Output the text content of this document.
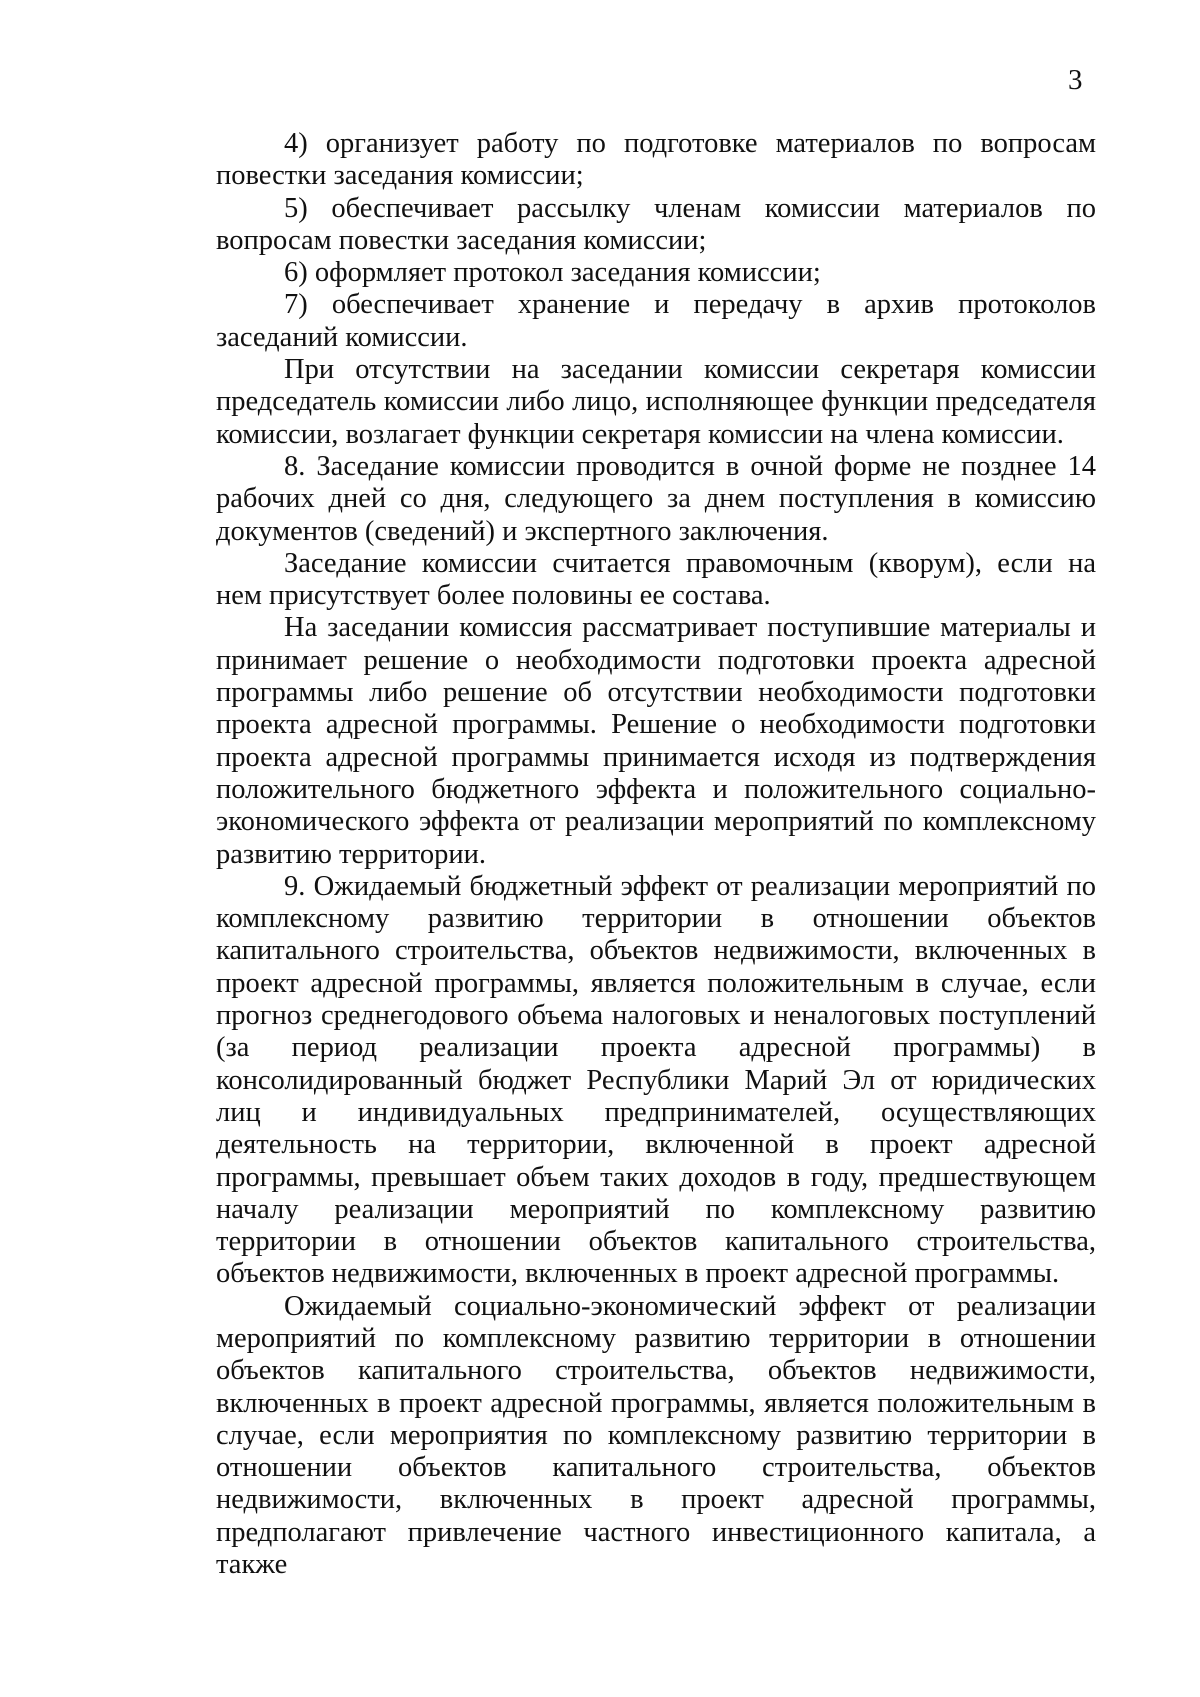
3

4) организует работу по подготовке материалов по вопросам повестки заседания комиссии;

5) обеспечивает рассылку членам комиссии материалов по вопросам повестки заседания комиссии;

6) оформляет протокол заседания комиссии;

7) обеспечивает хранение и передачу в архив протоколов заседаний комиссии.

При отсутствии на заседании комиссии секретаря комиссии председатель комиссии либо лицо, исполняющее функции председателя комиссии, возлагает функции секретаря комиссии на члена комиссии.

8. Заседание комиссии проводится в очной форме не позднее 14 рабочих дней со дня, следующего за днем поступления в комиссию документов (сведений) и экспертного заключения.

Заседание комиссии считается правомочным (кворум), если на нем присутствует более половины ее состава.

На заседании комиссия рассматривает поступившие материалы и принимает решение о необходимости подготовки проекта адресной программы либо решение об отсутствии необходимости подготовки проекта адресной программы. Решение о необходимости подготовки проекта адресной программы принимается исходя из подтверждения положительного бюджетного эффекта и положительного социально-экономического эффекта от реализации мероприятий по комплексному развитию территории.

9. Ожидаемый бюджетный эффект от реализации мероприятий по комплексному развитию территории в отношении объектов капитального строительства, объектов недвижимости, включенных в проект адресной программы, является положительным в случае, если прогноз среднегодового объема налоговых и неналоговых поступлений (за период реализации проекта адресной программы) в консолидированный бюджет Республики Марий Эл от юридических лиц и индивидуальных предпринимателей, осуществляющих деятельность на территории, включенной в проект адресной программы, превышает объем таких доходов в году, предшествующем началу реализации мероприятий по комплексному развитию территории в отношении объектов капитального строительства, объектов недвижимости, включенных в проект адресной программы.

Ожидаемый социально-экономический эффект от реализации мероприятий по комплексному развитию территории в отношении объектов капитального строительства, объектов недвижимости, включенных в проект адресной программы, является положительным в случае, если мероприятия по комплексному развитию территории в отношении объектов капитального строительства, объектов недвижимости, включенных в проект адресной программы, предполагают привлечение частного инвестиционного капитала, а также
